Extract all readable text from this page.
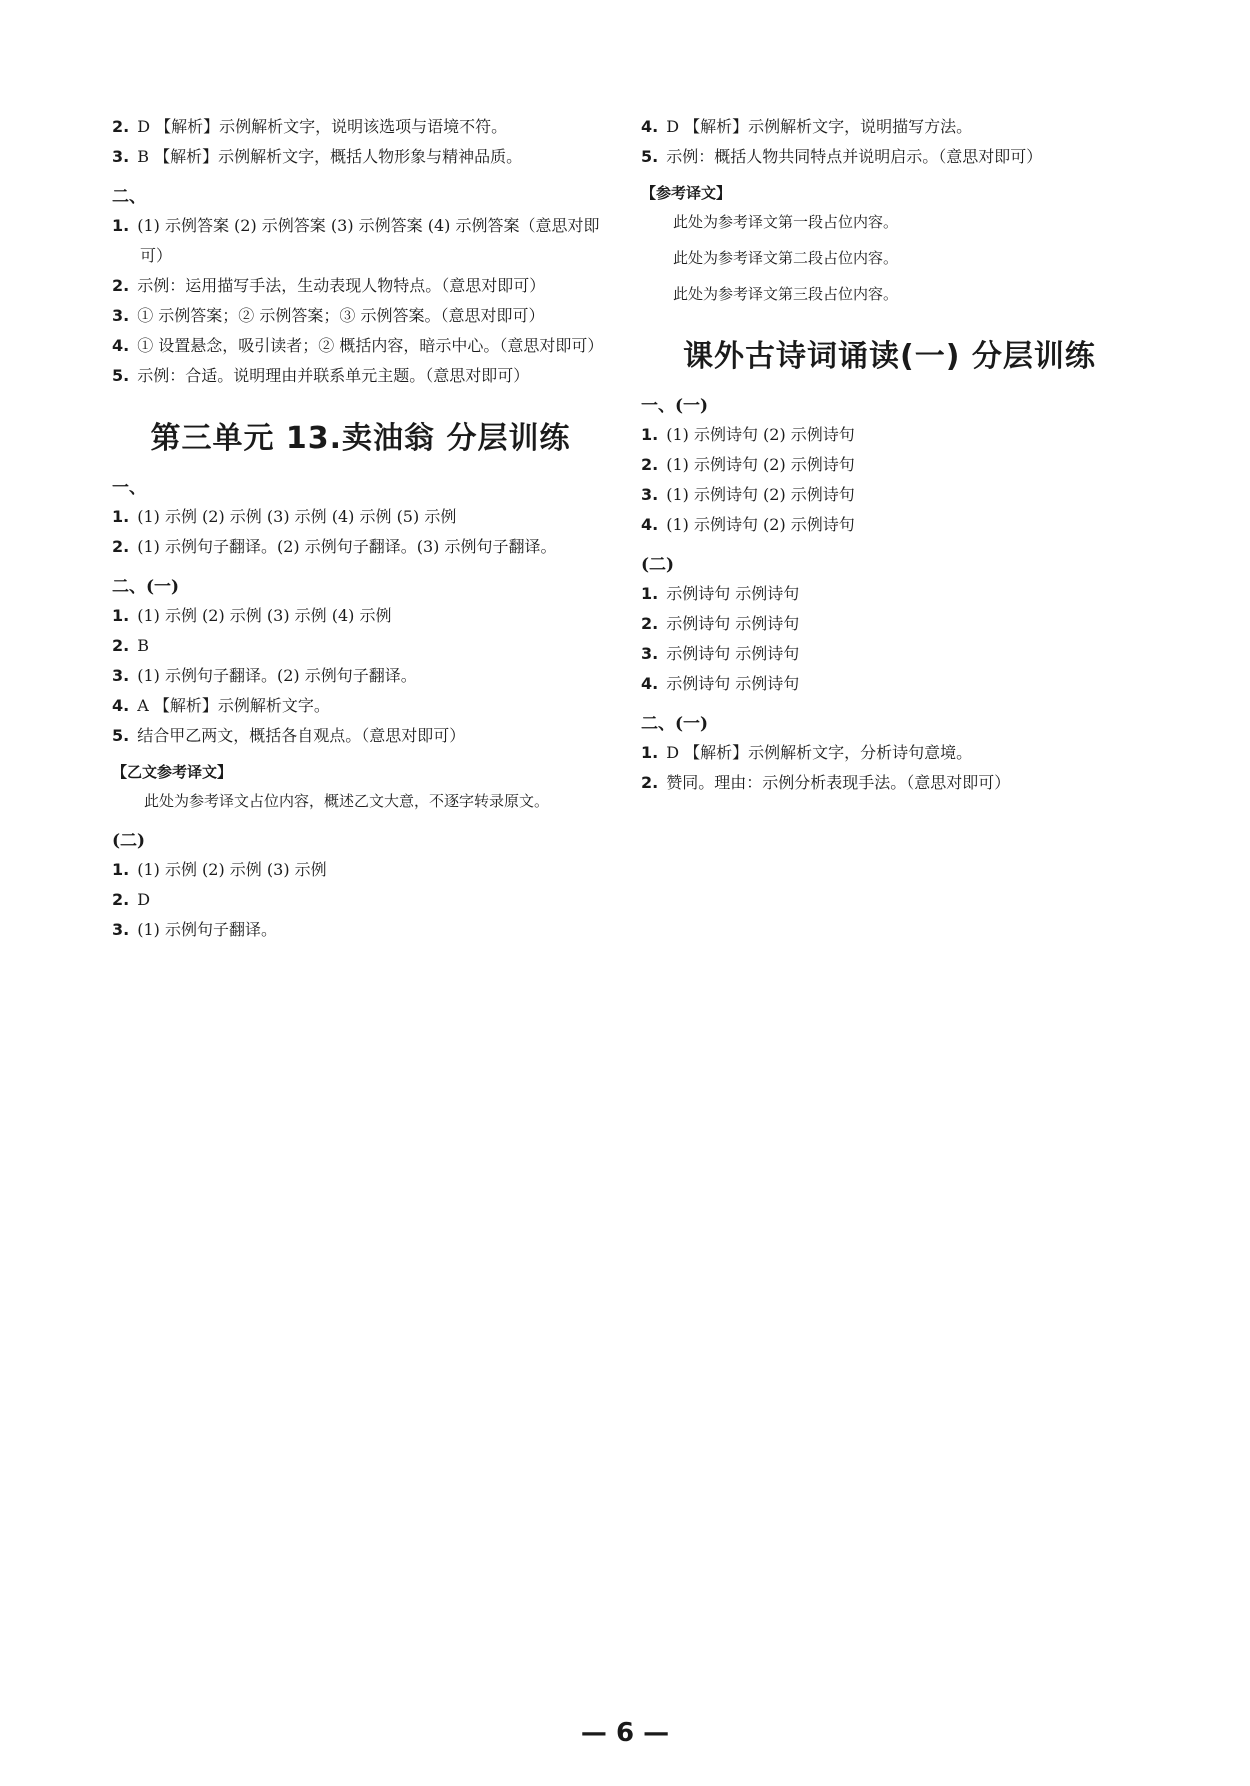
2. D 【解析】示例解析文字，说明该选项与语境不符。

3. B 【解析】示例解析文字，概括人物形象与精神品质。

二、

1. (1) 示例答案 (2) 示例答案 (3) 示例答案 (4) 示例答案（意思对即可）

2. 示例：运用描写手法，生动表现人物特点。（意思对即可）

3. ① 示例答案；② 示例答案；③ 示例答案。（意思对即可）

4. ① 设置悬念，吸引读者；② 概括内容，暗示中心。（意思对即可）

5. 示例：合适。说明理由并联系单元主题。（意思对即可）

第三单元 13.卖油翁 分层训练
一、

1. (1) 示例 (2) 示例 (3) 示例 (4) 示例 (5) 示例

2. (1) 示例句子翻译。(2) 示例句子翻译。(3) 示例句子翻译。

二、(一)

1. (1) 示例 (2) 示例 (3) 示例 (4) 示例

2. B

3. (1) 示例句子翻译。(2) 示例句子翻译。

4. A 【解析】示例解析文字。

5. 结合甲乙两文，概括各自观点。（意思对即可）

【乙文参考译文】

此处为参考译文占位内容，概述乙文大意，不逐字转录原文。

(二)

1. (1) 示例 (2) 示例 (3) 示例

2. D

3. (1) 示例句子翻译。

4. D 【解析】示例解析文字，说明描写方法。

5. 示例：概括人物共同特点并说明启示。（意思对即可）

【参考译文】

此处为参考译文第一段占位内容。

此处为参考译文第二段占位内容。

此处为参考译文第三段占位内容。

课外古诗词诵读(一) 分层训练
一、(一)

1. (1) 示例诗句 (2) 示例诗句

2. (1) 示例诗句 (2) 示例诗句

3. (1) 示例诗句 (2) 示例诗句

4. (1) 示例诗句 (2) 示例诗句

(二)

1. 示例诗句 示例诗句

2. 示例诗句 示例诗句

3. 示例诗句 示例诗句

4. 示例诗句 示例诗句

二、(一)

1. D 【解析】示例解析文字，分析诗句意境。

2. 赞同。理由：示例分析表现手法。（意思对即可）

— 6 —
